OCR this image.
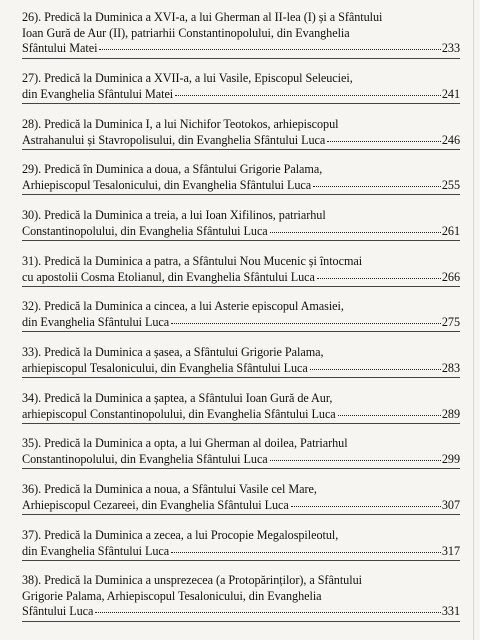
26). Predică la Duminica a XVI-a, a lui Gherman al II-lea (I) și a Sfântului
Ioan Gură de Aur (II), patriarhii Constantinopolului, din Evanghelia
Sfântului Matei	233
27). Predică la Duminica a XVII-a, a lui Vasile, Episcopul Seleuciei,
din Evanghelia Sfântului Matei	241
28). Predică la Duminica I, a lui Nichifor Teotokos, arhiepiscopul
Astrahanului și Stavropolisului, din Evanghelia Sfântului Luca	246
29). Predică în Duminica a doua, a Sfântului Grigorie Palama,
Arhiepiscopul Tesalonicului, din Evanghelia Sfântului Luca	255
30). Predică la Duminica a treia, a lui Ioan Xifilinos, patriarhul
Constantinopolului, din Evanghelia Sfântului Luca	261
31). Predică la Duminica a patra, a Sfântului Nou Mucenic și întocmai
cu apostolii Cosma Etolianul, din Evanghelia Sfântului Luca	266
32). Predică la Duminica a cincea, a lui Asterie episcopul Amasiei,
din Evanghelia Sfântului Luca	275
33). Predică la Duminica a șasea, a Sfântului Grigorie Palama,
arhiepiscopul Tesalonicului, din Evanghelia Sfântului Luca	283
34). Predică la Duminica a șaptea, a Sfântului Ioan Gură de Aur,
arhiepiscopul Constantinopolului, din Evanghelia Sfântului Luca	289
35). Predică la Duminica a opta, a lui Gherman al doilea, Patriarhul
Constantinopolului, din Evanghelia Sfântului Luca	299
36). Predică la Duminica a noua, a Sfântului Vasile cel Mare,
Arhiepiscopul Cezareei, din Evanghelia Sfântului Luca	307
37). Predică la Duminica a zecea, a lui Procopie Megalospileotul,
din Evanghelia Sfântului Luca	317
38). Predică la Duminica a unsprezecea (a Protopărinților), a Sfântului
Grigorie Palama, Arhiepiscopul Tesalonicului, din Evanghelia
Sfântului Luca	331
